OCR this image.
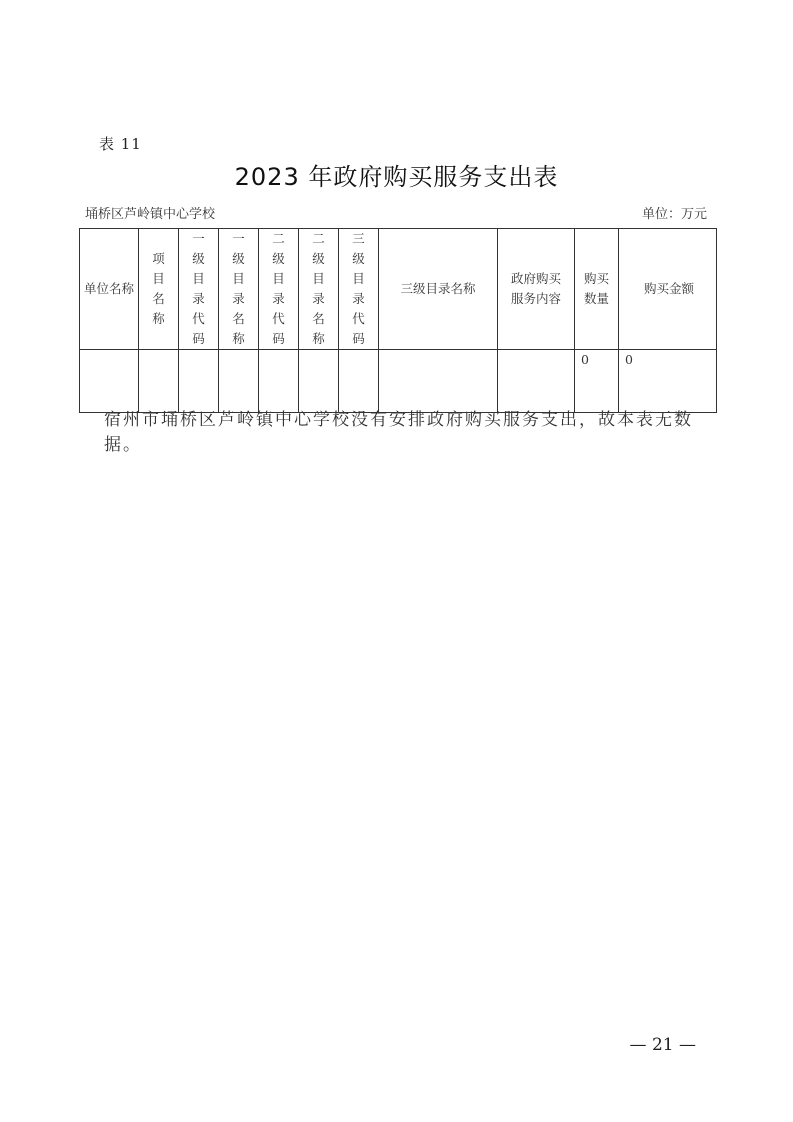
表 11
2023 年政府购买服务支出表
埇桥区芦岭镇中心学校	单位：万元
单位名称	项目名称	一级目录代码	一级目录名称	二级目录代码	二级目录名称	三级目录代码	三级目录名称	政府购买服务内容	购买数量	购买金额

									0	0
宿州市埇桥区芦岭镇中心学校没有安排政府购买服务支出，故本表无数据。
— 21 —
